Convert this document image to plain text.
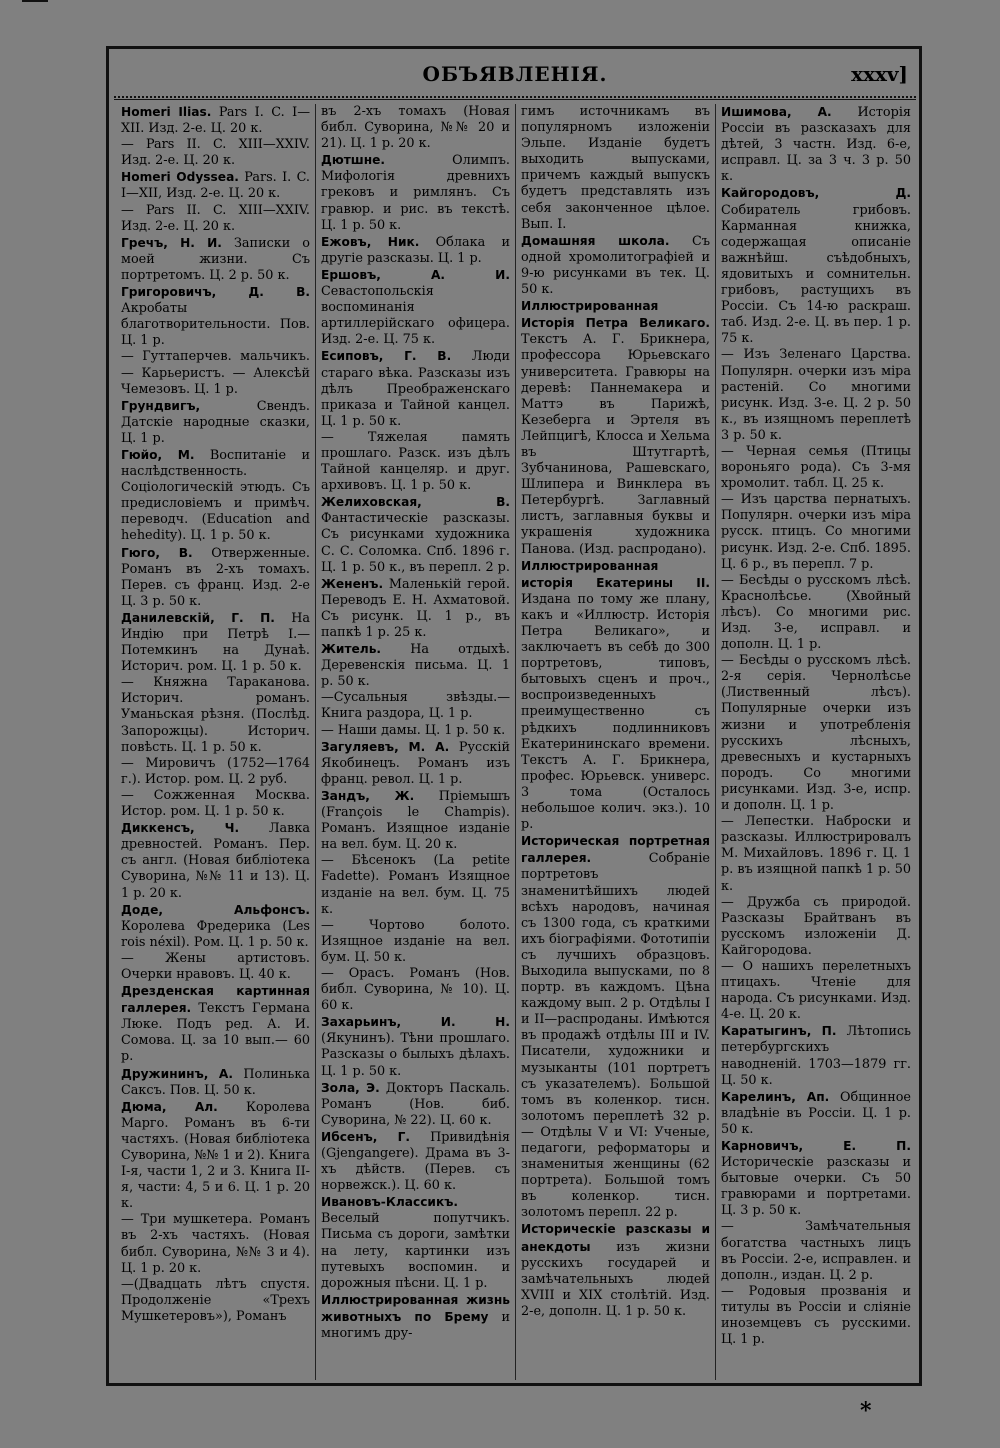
ОБЪЯВЛЕНІЯ.	xxxv]

Homeri Ilias. Pars I. C. I—XII. Изд. 2-е. Ц. 20 к.

— Pars II. C. XIII—XXIV. Изд. 2-е. Ц. 20 к.

Homeri Odyssea. Pars. I. C. I—XII, Изд. 2-е. Ц. 20 к.

— Pars II. C. XIII—XXIV. Изд. 2-е. Ц. 20 к.

Гречъ, Н. И. Записки о моей жизни. Съ портретомъ. Ц. 2 р. 50 к.

Григоровичъ, Д. В. Акробаты благотворительности. Пов. Ц. 1 р.

— Гуттаперчев. мальчикъ. — Карьеристъ. — Алексѣй Чемезовъ. Ц. 1 р.

Грундвигъ, Свендъ. Датскіе народные сказки, Ц. 1 р.

Гюйо, М. Воспитаніе и наслѣдственность. Соціологическій этюдъ. Съ предисловіемъ и примѣч. переводч. (Education and hehedity). Ц. 1 р. 50 к.

Гюго, В. Отверженные. Романъ въ 2-хъ томахъ. Перев. съ франц. Изд. 2-е Ц. 3 р. 50 к.

Данилевскій, Г. П. На Индію при Петрѣ I.— Потемкинъ на Дунаѣ. Историч. ром. Ц. 1 р. 50 к.

— Княжна Тараканова. Историч. романъ. Уманьская рѣзня. (Послѣд. Запорожцы). Историч. повѣсть. Ц. 1 р. 50 к.

— Мировичъ (1752—1764 г.). Истор. ром. Ц. 2 руб.

— Сожженная Москва. Истор. ром. Ц. 1 р. 50 к.

Диккенсъ, Ч. Лавка древностей. Романъ. Пер. съ англ. (Новая библіотека Суворина, №№ 11 и 13). Ц. 1 р. 20 к.

Доде, Альфонсъ. Королева Фредерика (Les rois néxil). Ром. Ц. 1 р. 50 к.

— Жены артистовъ. Очерки нравовъ. Ц. 40 к.

Дрезденская картинная галлерея. Текстъ Германа Люке. Подъ ред. А. И. Сомова. Ц. за 10 вып.— 60 р.

Дружининъ, А. Полинька Саксъ. Пов. Ц. 50 к.

Дюма, Ал. Королева Марго. Романъ въ 6-ти частяхъ. (Новая библіотека Суворина, №№ 1 и 2). Книга I-я, части 1, 2 и 3. Книга II-я, части: 4, 5 и 6. Ц. 1 р. 20 к.

— Три мушкетера. Романъ въ 2-хъ частяхъ. (Новая библ. Суворина, №№ 3 и 4). Ц. 1 р. 20 к.

—(Двадцать лѣтъ спустя. Продолженіе «Трехъ Мушкетеровъ»), Романъ

въ 2-хъ томахъ (Новая библ. Суворина, №№ 20 и 21). Ц. 1 р. 20 к.

Дютшне. Олимпъ. Мифологія древнихъ грековъ и римлянъ. Съ гравюр. и рис. въ текстѣ. Ц. 1 р. 50 к.

Ежовъ, Ник. Облака и другіе разсказы. Ц. 1 р.

Ершовъ, А. И. Севастопольскія воспоминанія артиллерійскаго офицера. Изд. 2-е. Ц. 75 к.

Есиповъ, Г. В. Люди стараго вѣка. Разсказы изъ дѣлъ Преображенскаго приказа и Тайной канцел. Ц. 1 р. 50 к.

— Тяжелая память прошлаго. Разск. изъ дѣлъ Тайной канцеляр. и друг. архивовъ. Ц. 1 р. 50 к.

Желиховская, В. Фантастическіе разсказы. Съ рисунками художника С. С. Соломка. Спб. 1896 г. Ц. 1 р. 50 к., въ перепл. 2 р.

Жененъ. Маленькій герой. Переводъ Е. Н. Ахматовой. Съ рисунк. Ц. 1 р., въ папкѣ 1 р. 25 к.

Житель. На отдыхѣ. Деревенскія письма. Ц. 1 р. 50 к.

—Сусальныя звѣзды.— Книга раздора, Ц. 1 р.

— Наши дамы. Ц. 1 р. 50 к.

Загуляевъ, М. А. Русскій Якобинецъ. Романъ изъ франц. револ. Ц. 1 р.

Зандъ, Ж. Пріемышъ (François le Champis). Романъ. Изящное изданіе на вел. бум. Ц. 20 к.

— Бѣсенокъ (La petite Fadette). Романъ Изящное изданіе на вел. бум. Ц. 75 к.

— Чортово болото. Изящное изданіе на вел. бум. Ц. 50 к.

— Орасъ. Романъ (Нов. библ. Суворина, № 10). Ц. 60 к.

Захарьинъ, И. Н. (Якунинъ). Тѣни прошлаго. Разсказы о былыхъ дѣлахъ. Ц. 1 р. 50 к.

Зола, Э. Докторъ Паскаль. Романъ (Нов. биб. Суворина, № 22). Ц. 60 к.

Ибсенъ, Г. Привидѣнія (Gjengangere). Драма въ 3-хъ дѣйств. (Перев. съ норвежск.). Ц. 60 к.

Ивановъ-Классикъ. Веселый попутчикъ. Письма съ дороги, замѣтки на лету, картинки изъ путевыхъ воспомин. и дорожныя пѣсни. Ц. 1 р.

Иллюстрированная жизнь животныхъ по Брему и многимъ дру-

гимъ источникамъ въ популярномъ изложеніи Эльпе. Изданіе будетъ выходить выпусками, причемъ каждый выпускъ будетъ представлять изъ себя законченное цѣлое. Вып. I.

Домашняя школа. Съ одной хромолитографіей и 9-ю рисунками въ тек. Ц. 50 к.

Иллюстрированная Исторія Петра Великаго. Текстъ А. Г. Брикнера, профессора Юрьевскаго университета. Гравюры на деревѣ: Паннемакера и Маттэ въ Парижѣ, Кезеберга и Эртеля въ Лейпцигѣ, Клосса и Хельма въ Штутгартѣ, Зубчанинова, Рашевскаго, Шлипера и Винклера въ Петербургѣ. Заглавный листъ, заглавныя буквы и украшенія художника Панова. (Изд. распродано).

Иллюстрированная исторія Екатерины II. Издана по тому же плану, какъ и «Иллюстр. Исторія Петра Великаго», и заключаетъ въ себѣ до 300 портретовъ, типовъ, бытовыхъ сценъ и проч., воспроизведенныхъ преимущественно съ рѣдкихъ подлинниковъ Екатерининскаго времени. Текстъ А. Г. Брикнера, профес. Юрьевск. универс. 3 тома (Осталось небольшое колич. экз.). 10 р.

Историческая портретная галлерея. Собраніе портретовъ знаменитѣйшихъ людей всѣхъ народовъ, начиная съ 1300 года, съ краткими ихъ біографіями. Фототипіи съ лучшихъ образцовъ. Выходила выпусками, по 8 портр. въ каждомъ. Цѣна каждому вып. 2 р. Отдѣлы I и II—распроданы. Имѣются въ продажѣ отдѣлы III и IV. Писатели, художники и музыканты (101 портретъ съ указателемъ). Большой томъ въ коленкор. тисн. золотомъ переплетѣ 32 р. — Отдѣлы V и VI: Ученые, педагоги, реформаторы и знаменитыя женщины (62 портрета). Большой томъ въ коленкор. тисн. золотомъ перепл. 22 р.

Историческіе разсказы и анекдоты изъ жизни русскихъ государей и замѣчательныхъ людей XVIII и XIX столѣтій. Изд. 2-е, дополн. Ц. 1 р. 50 к.

Ишимова, А. Исторія Россіи въ разсказахъ для дѣтей, 3 частн. Изд. 6-е, исправл. Ц. за 3 ч. 3 р. 50 к.

Кайгородовъ, Д. Собиратель грибовъ. Карманная книжка, содержащая описаніе важнѣйш. съѣдобныхъ, ядовитыхъ и сомнительн. грибовъ, растущихъ въ Россіи. Съ 14-ю раскраш. таб. Изд. 2-е. Ц. въ пер. 1 р. 75 к.

— Изъ Зеленаго Царства. Популярн. очерки изъ міра растеній. Со многими рисунк. Изд. 3-е. Ц. 2 р. 50 к., въ изящномъ переплетѣ 3 р. 50 к.

— Черная семья (Птицы вороньяго рода). Съ 3-мя хромолит. табл. Ц. 25 к.

— Изъ царства пернатыхъ. Популярн. очерки изъ міра русск. птицъ. Со многими рисунк. Изд. 2-е. Спб. 1895. Ц. 6 р., въ перепл. 7 р.

— Бесѣды о русскомъ лѣсѣ. Краснолѣсье. (Хвойный лѣсъ). Со многими рис. Изд. 3-е, исправл. и дополн. Ц. 1 р.

— Бесѣды о русскомъ лѣсѣ. 2-я серія. Чернолѣсье (Лиственный лѣсъ). Популярные очерки изъ жизни и употребленія русскихъ лѣсныхъ, древесныхъ и кустарныхъ породъ. Со многими рисунками. Изд. 3-е, испр. и дополн. Ц. 1 р.

— Лепестки. Наброски и разсказы. Иллюстрировалъ М. Михайловъ. 1896 г. Ц. 1 р. въ изящной папкѣ 1 р. 50 к.

— Дружба съ природой. Разсказы Брайтванъ въ русскомъ изложеніи Д. Кайгородова.

— О нашихъ перелетныхъ птицахъ. Чтеніе для народа. Съ рисунками. Изд. 4-е. Ц. 20 к.

Каратыгинъ, П. Лѣтопись петербургскихъ наводненій. 1703—1879 гг. Ц. 50 к.

Карелинъ, Ап. Общинное владѣніе въ Россіи. Ц. 1 р. 50 к.

Карновичъ, Е. П. Историческіе разсказы и бытовые очерки. Съ 50 гравюрами и портретами. Ц. 3 р. 50 к.

— Замѣчательныя богатства частныхъ лицъ въ Россіи. 2-е, исправлен. и дополн., издан. Ц. 2 р.

— Родовыя прозванія и титулы въ Россіи и сліяніе иноземцевъ съ русскими. Ц. 1 р.

*
